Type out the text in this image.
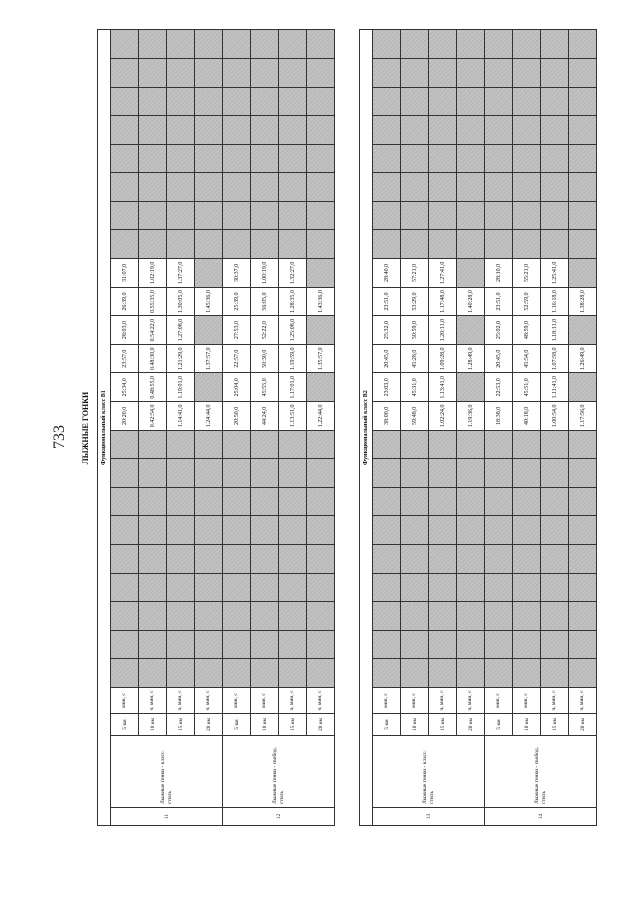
733 ЛЫЖНЫЕ ГОНКИ Функциональный класс В1																										
11	Лыжные гонки - класс. стиль	5 км	мин, с										20:20,0	25:34,0	23:57,0	28:03,0	26:39,0	31:07,0								
		10 км	ч, мин, с										0.42:54,0	0.48:55,0	0.48:30,0	0.54:22,0	0.55:35,0	1.02:19,0								
		15 км	ч, мин, с										1.14:41,0	1.19:01,0	1.21:29,0	1.27:08,0	1.30:05,0	1.37:27,0								
		20 км	ч, мин, с										1.24:44,0		1.37:57,0		1.45:36,0									
12	Лыжные гонки - свобод. стиль	5 км	мин, с										20:50,0	25:04,0	22:57,0	27:53,0	25:39,0	30:37,0								
		10 км	мин, с										44:24,0	45:55,0	50:30,0	52:22,0	56:05,0	1.00:19,0								
		15 км	ч, мин, с										1.13:51,0	1.17:01,0	1.19:59,0	1.25:08,0	1.28:35,0	1.32:27,0								
		20 км	ч, мин, с										1.22:44,0		1.35:57,0		1.43:36,0									
Функциональный класс В2																										
13	Лыжные гонки - класс. стиль	5 км	мин, с										38:00,0	23:03,0	20:45,0	25:32,0	23:51,0	28:40,0								
		10 км	мин, с										59:48,0	45:31,0	45:28,0	50:59,0	53:29,0	57:21,0								
		15 км	ч, мин, с										1.02:24,0	1.13:41,0	1.09:28,0	1.20:11,0	1.17:48,0	1.27:41,0								
		20 км	ч, мин, с										1.19:36,0		1.28:49,0		1.40:28,0									
14	Лыжные гонки - свобод. стиль	5 км	мин, с										18:38,0	22:53,0	20:45,0	25:02,0	23:51,0	28:10,0								
		10 км	мин, с										40:18,0	45:51,0	45:54,0	48:59,0	52:59,0	55:21,0								
		15 км	ч, мин, с										1.00:54,0	1.11:41,0	1.07:58,0	1.18:11,0	1.16:18,0	1.25:41,0								
		20 км	ч, мин, с										1.17:56,0		1.26:49,0		1.38:28,0									
